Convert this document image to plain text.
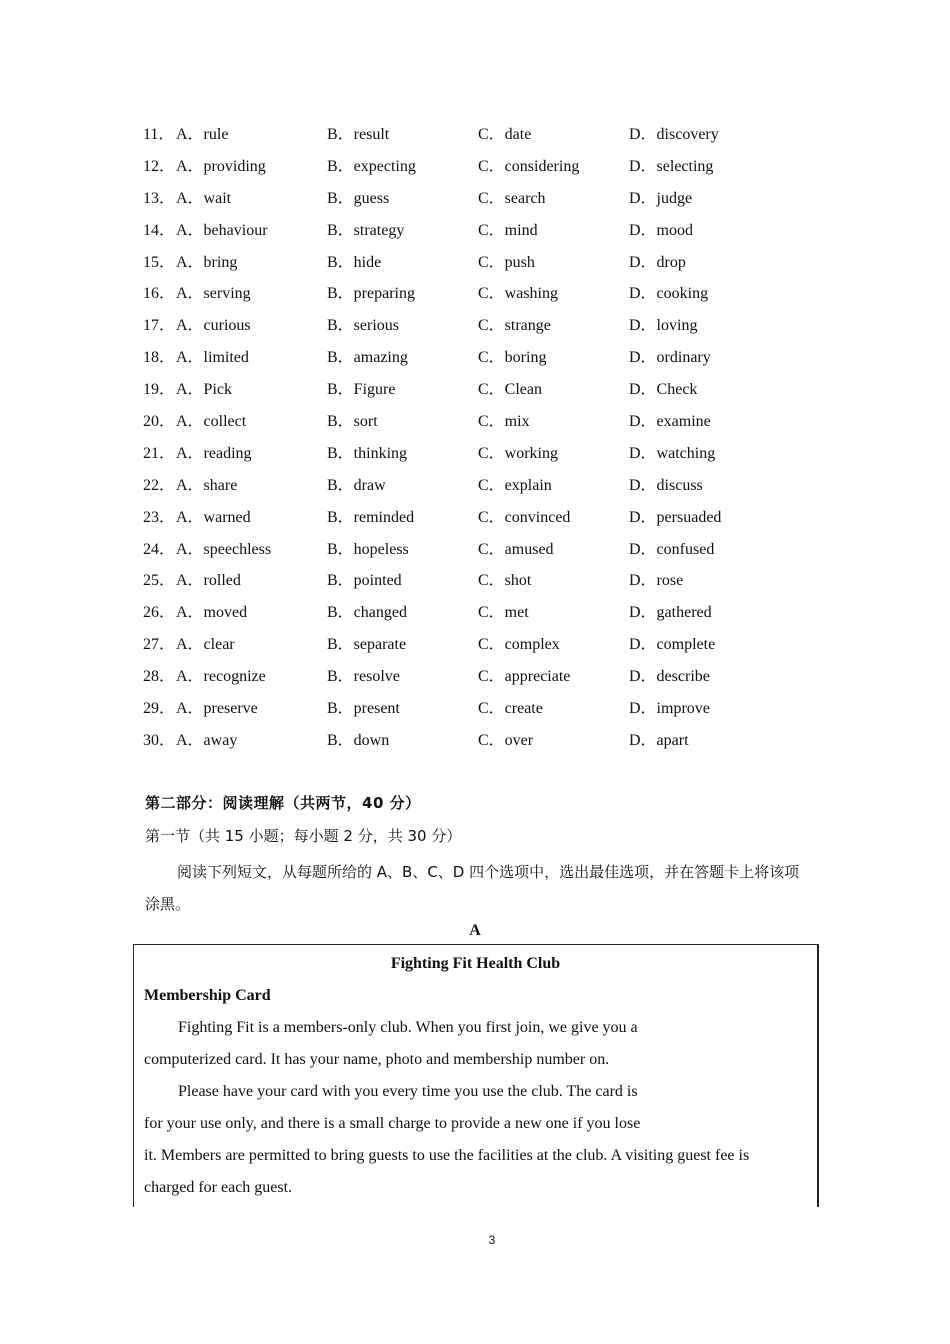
11． A．rule	B．result	C．date	D．discovery
12． A．providing	B．expecting	C．considering	D．selecting
13． A．wait	B．guess	C．search	D．judge
14． A．behaviour	B．strategy	C．mind	D．mood
15． A．bring	B．hide	C．push	D．drop
16． A．serving	B．preparing	C．washing	D．cooking
17． A．curious	B．serious	C．strange	D．loving
18． A．limited	B．amazing	C．boring	D．ordinary
19． A．Pick	B．Figure	C．Clean	D．Check
20． A．collect	B．sort	C．mix	D．examine
21． A．reading	B．thinking	C．working	D．watching
22． A．share	B．draw	C．explain	D．discuss
23． A．warned	B．reminded	C．convinced	D．persuaded
24． A．speechless	B．hopeless	C．amused	D．confused
25． A．rolled	B．pointed	C．shot	D．rose
26． A．moved	B．changed	C．met	D．gathered
27． A．clear	B．separate	C．complex	D．complete
28． A．recognize	B．resolve	C．appreciate	D．describe
29． A．preserve	B．present	C．create	D．improve
30． A．away	B．down	C．over	D．apart
第二部分：阅读理解（共两节，40 分）
第一节（共 15 小题；每小题 2 分，共 30 分）
阅读下列短文，从每题所给的 A、B、C、D 四个选项中，选出最佳选项，并在答题卡上将该项涂黑。
A
Fighting Fit Health Club
Membership Card
Fighting Fit is a members-only club. When you first join, we give you a
computerized card. It has your name, photo and membership number on.
Please have your card with you every time you use the club. The card is
for your use only, and there is a small charge to provide a new one if you lose
it. Members are permitted to bring guests to use the facilities at the club. A visiting guest fee is
charged for each guest.
3
